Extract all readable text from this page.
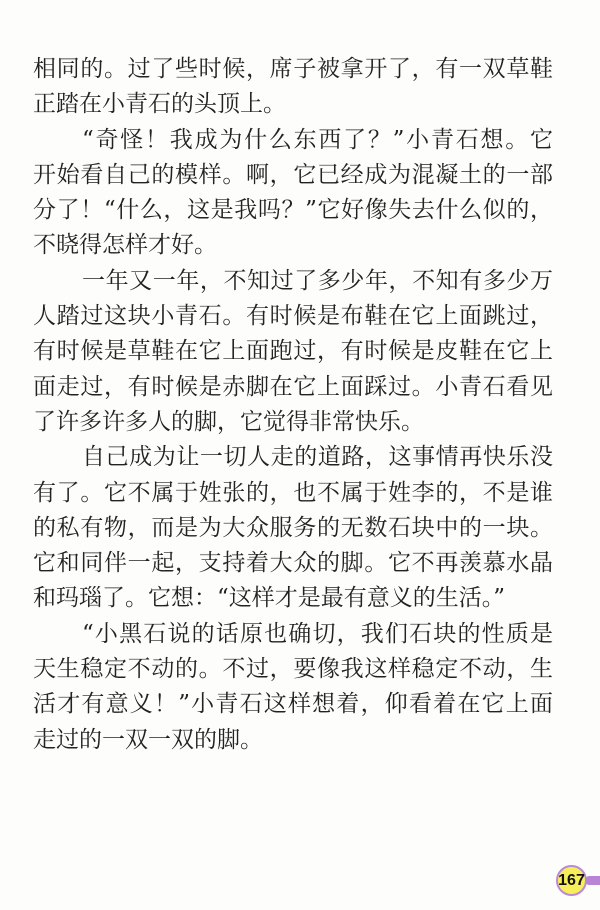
相同的。过了些时候，席子被拿开了，有一双草鞋
正踏在小青石的头顶上。
“奇怪！我成为什么东西了？”小青石想。它
开始看自己的模样。啊，它已经成为混凝土的一部
分了！“什么，这是我吗？”它好像失去什么似的，
不晓得怎样才好。
一年又一年，不知过了多少年，不知有多少万
人踏过这块小青石。有时候是布鞋在它上面跳过，
有时候是草鞋在它上面跑过，有时候是皮鞋在它上
面走过，有时候是赤脚在它上面踩过。小青石看见
了许多许多人的脚，它觉得非常快乐。
自己成为让一切人走的道路，这事情再快乐没
有了。它不属于姓张的，也不属于姓李的，不是谁
的私有物，而是为大众服务的无数石块中的一块。
它和同伴一起，支持着大众的脚。它不再羡慕水晶
和玛瑙了。它想：“这样才是最有意义的生活。”
“小黑石说的话原也确切，我们石块的性质是
天生稳定不动的。不过，要像我这样稳定不动，生
活才有意义！”小青石这样想着，仰看着在它上面
走过的一双一双的脚。
167
